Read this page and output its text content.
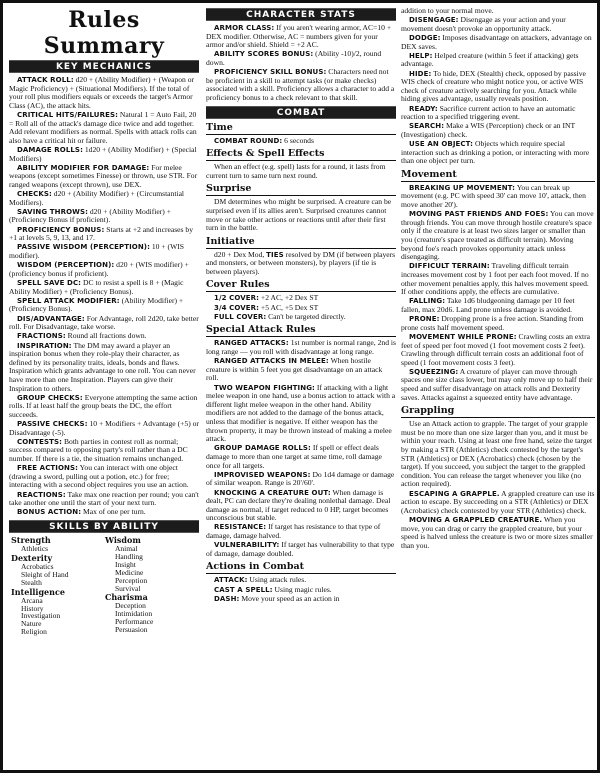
Rules Summary
KEY MECHANICS
ATTACK ROLL: d20 + (Ability Modifier) + (Weapon or Magic Proficiency) + (Situational Modifiers). If the total of your roll plus modifiers equals or exceeds the target's Armor Class (AC), the attack hits.
CRITICAL HITS/FAILURES: Natural 1 = Auto Fail, 20 = Roll all of the attack's damage dice twice and add together. Add relevant modifiers as normal. Spells with attack rolls can also have a critical hit or failure.
DAMAGE ROLLS: 1d20 + (Ability Modifier) + (Special Modifiers)
ABILITY MODIFIER FOR DAMAGE: For melee weapons (except sometimes Finesse) or thrown, use STR. For ranged weapons (except thrown), use DEX.
CHECKS: d20 + (Ability Modifier) + (Circumstantial Modifiers).
SAVING THROWS: d20 + (Ability Modifier) + (Proficiency Bonus if proficient).
PROFICIENCY BONUS: Starts at +2 and increases by +1 at levels 5, 9, 13, and 17.
PASSIVE WISDOM (PERCEPTION): 10 + (WIS modifier).
WISDOM (PERCEPTION): d20 + (WIS modifier) + (proficiency bonus if proficient).
SPELL SAVE DC: DC to resist a spell is 8 + (Magic Ability Modifier) + (Proficiency Bonus).
SPELL ATTACK MODIFIER: (Ability Modifier) + (Proficiency Bonus).
DIS/ADVANTAGE: For Advantage, roll 2d20, take better roll. For Disadvantage, take worse.
FRACTIONS: Round all fractions down.
INSPIRATION: The DM may award a player an inspiration bonus when they role-play their character, as defined by its personality traits, ideals, bonds and flaws. Inspiration which grants advantage to one roll. You can never have more than one Inspiration. Players can give their Inspiration to others.
GROUP CHECKS: Everyone attempting the same action rolls. If at least half the group beats the DC, the effort succeeds.
PASSIVE CHECKS: 10 + Modifiers + Advantage (+5) or Disadvantage (-5).
CONTESTS: Both parties in contest roll as normal; success compared to opposing party's roll rather than a DC number. If there is a tie, the situation remains unchanged.
FREE ACTIONS: You can interact with one object (drawing a sword, pulling out a potion, etc.) for free; interacting with a second object requires you use an action.
REACTIONS: Take max one reaction per round; you can't take another one until the start of your next turn.
BONUS ACTION: Max of one per turn.
SKILLS BY ABILITY
Strength
Athletics
Dexterity
Acrobatics
Sleight of Hand
Stealth
Intelligence
Arcana
History
Investigation
Nature
Religion
Wisdom
Animal
Handling
Insight
Medicine
Perception
Survival
Charisma
Deception
Intimidation
Performance
Persuasion
CHARACTER STATS
ARMOR CLASS: If you aren't wearing armor, AC=10 + DEX modifier. Otherwise, AC = numbers given for your armor and/or shield. Shield = +2 AC.
ABILITY SCORES BONUS: (Ability -10)/2, round down.
PROFICIENCY SKILL BONUS: Characters need not be proficient in a skill to attempt tasks (or make checks) associated with a skill. Proficiency allows a character to add a proficiency bonus to a check relevant to that skill.
COMBAT
Time
COMBAT ROUND: 6 seconds
Effects & Spell Effects
When an effect (e.g. spell) lasts for a round, it lasts from current turn to same turn next round.
Surprise
DM determines who might be surprised. A creature can be surprised even if its allies aren't. Surprised creatures cannot move or take other actions or reactions until after their first turn in the battle.
Initiative
d20 + Dex Mod, TIES resolved by DM (if between players and monsters, or between monsters), by players (if tie is between players).
Cover Rules
1/2 COVER: +2 AC, +2 Dex ST
3/4 COVER: +5 AC, +5 Dex ST
FULL COVER: Can't be targeted directly.
Special Attack Rules
RANGED ATTACKS: 1st number is normal range, 2nd is long range — you roll with disadvantage at long range.
RANGED ATTACKS IN MELEE: When hostile creature is within 5 feet you get disadvantage on an attack roll.
TWO WEAPON FIGHTING: If attacking with a light melee weapon in one hand, use a bonus action to attack with a different light melee weapon in the other hand. Ability modifiers are not added to the damage of the bonus attack, unless that modifier is negative. If either weapon has the thrown property, it may be thrown instead of making a melee attack.
GROUP DAMAGE ROLLS: If spell or effect deals damage to more than one target at same time, roll damage once for all targets.
IMPROVISED WEAPONS: Do 1d4 damage or damage of similar weapon. Range is 20'/60'.
KNOCKING A CREATURE OUT: When damage is dealt, PC can declare they're dealing nonlethal damage. Deal damage as normal, if target reduced to 0 HP, target becomes unconscious but stable.
RESISTANCE: If target has resistance to that type of damage, damage halved.
VULNERABILITY: If target has vulnerability to that type of damage, damage doubled.
Actions in Combat
ATTACK: Using attack rules.
CAST A SPELL: Using magic rules.
DASH: Move your speed as an action in
addition to your normal move.
DISENGAGE: Disengage as your action and your movement doesn't provoke an opportunity attack.
DODGE: Imposes disadvantage on attackers, advantage on DEX saves.
HELP: Helped creature (within 5 feet if attacking) gets advantage.
HIDE: To hide, DEX (Stealth) check, opposed by passive WIS check of creature who might notice you, or active WIS check of creature actively searching for you. Attack while hiding gives advantage, usually reveals position.
READY: Sacrifice current action to have an automatic reaction to a specified triggering event.
SEARCH: Make a WIS (Perception) check or an INT (Investigation) check.
USE AN OBJECT: Objects which require special interaction such as drinking a potion, or interacting with more than one object per turn.
Movement
BREAKING UP MOVEMENT: You can break up movement (e.g. PC with speed 30' can move 10', attack, then move another 20').
MOVING PAST FRIENDS AND FOES: You can move through friends. You can move through hostile creature's space only if the creature is at least two sizes larger or smaller than you (creature's space treated as difficult terrain). Moving beyond foe's reach provokes opportunity attack unless disengaging.
DIFFICULT TERRAIN: Traveling difficult terrain increases movement cost by 1 foot per each foot moved. If no other movement penalties apply, this halves movement speed. If other conditions apply, the effects are cumulative.
FALLING: Take 1d6 bludgeoning damage per 10 feet fallen, max 20d6. Land prone unless damage is avoided.
PRONE: Dropping prone is a free action. Standing from prone costs half movement speed.
MOVEMENT WHILE PRONE: Crawling costs an extra feet of speed per foot moved (1 foot movement costs 2 feet). Crawling through difficult terrain costs an additional foot of speed (1 foot movement costs 3 feet).
SQUEEZING: A creature of player can move through spaces one size class lower, but may only move up to half their speed and suffer disadvantage on attack rolls and Dexterity saves. Attacks against a squeezed entity have advantage.
Grappling
Use an Attack action to grapple. The target of your grapple must be no more than one size larger than you, and it must be within your reach. Using at least one free hand, seize the target by making a STR (Athletics) check contested by the target's STR (Athletics) or DEX (Acrobatics) check (chosen by the target). If you succeed, you subject the target to the grappled condition. You can release the target whenever you like (no action required).
ESCAPING A GRAPPLE. A grappled creature can use its action to escape. By succeeding on a STR (Athletics) or DEX (Acrobatics) check contested by your STR (Athletics) check.
MOVING A GRAPPLED CREATURE. When you move, you can drag or carry the grappled creature, but your speed is halved unless the creature is two or more sizes smaller than you.
